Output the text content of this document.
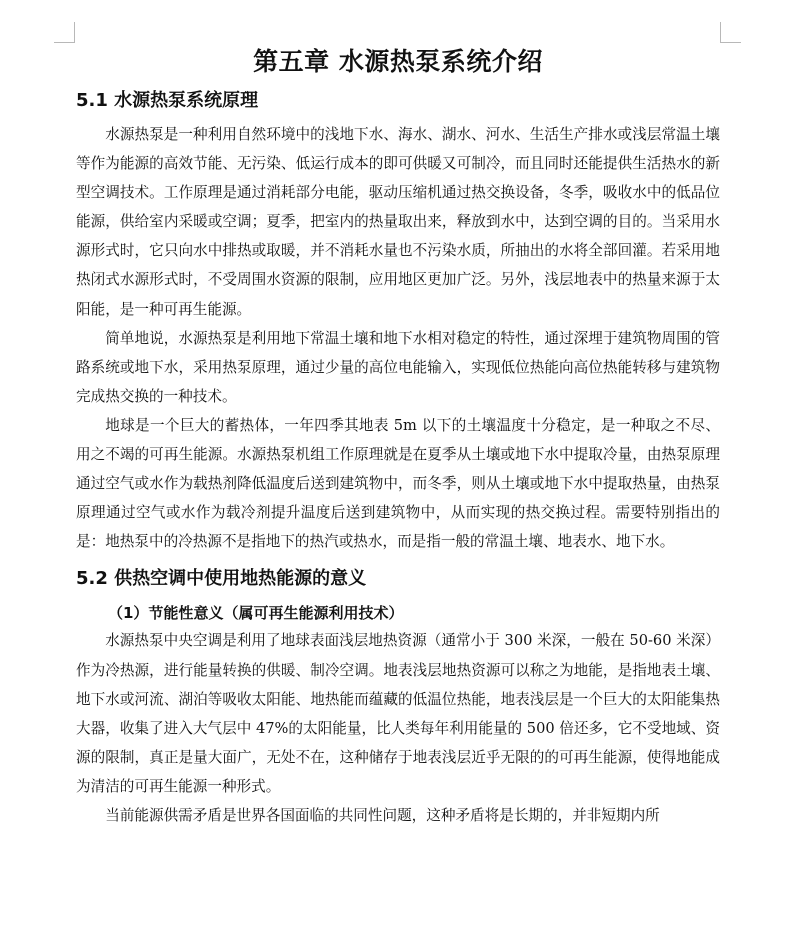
第五章 水源热泵系统介绍
5.1 水源热泵系统原理

水源热泵是一种利用自然环境中的浅地下水、海水、湖水、河水、生活生产排水或浅层常温土壤等作为能源的高效节能、无污染、低运行成本的即可供暖又可制冷，而且同时还能提供生活热水的新型空调技术。工作原理是通过消耗部分电能，驱动压缩机通过热交换设备，冬季，吸收水中的低品位能源，供给室内采暖或空调；夏季，把室内的热量取出来，释放到水中，达到空调的目的。当采用水源形式时，它只向水中排热或取暖，并不消耗水量也不污染水质，所抽出的水将全部回灌。若采用地热闭式水源形式时，不受周围水资源的限制，应用地区更加广泛。另外，浅层地表中的热量来源于太阳能，是一种可再生能源。

简单地说，水源热泵是利用地下常温土壤和地下水相对稳定的特性，通过深埋于建筑物周围的管路系统或地下水，采用热泵原理，通过少量的高位电能输入，实现低位热能向高位热能转移与建筑物完成热交换的一种技术。

地球是一个巨大的蓄热体，一年四季其地表 5m 以下的土壤温度十分稳定，是一种取之不尽、用之不竭的可再生能源。水源热泵机组工作原理就是在夏季从土壤或地下水中提取冷量，由热泵原理通过空气或水作为载热剂降低温度后送到建筑物中，而冬季，则从土壤或地下水中提取热量，由热泵原理通过空气或水作为载冷剂提升温度后送到建筑物中，从而实现的热交换过程。需要特别指出的是：地热泵中的冷热源不是指地下的热汽或热水，而是指一般的常温土壤、地表水、地下水。

5.2 供热空调中使用地热能源的意义
（1）节能性意义（属可再生能源利用技术）

水源热泵中央空调是利用了地球表面浅层地热资源（通常小于 300 米深，一般在 50-60 米深）作为冷热源，进行能量转换的供暖、制冷空调。地表浅层地热资源可以称之为地能，是指地表土壤、地下水或河流、湖泊等吸收太阳能、地热能而蕴藏的低温位热能，地表浅层是一个巨大的太阳能集热大器，收集了进入大气层中 47%的太阳能量，比人类每年利用能量的 500 倍还多，它不受地域、资源的限制，真正是量大面广，无处不在，这种储存于地表浅层近乎无限的的可再生能源，使得地能成为清洁的可再生能源一种形式。

当前能源供需矛盾是世界各国面临的共同性问题，这种矛盾将是长期的，并非短期内所
